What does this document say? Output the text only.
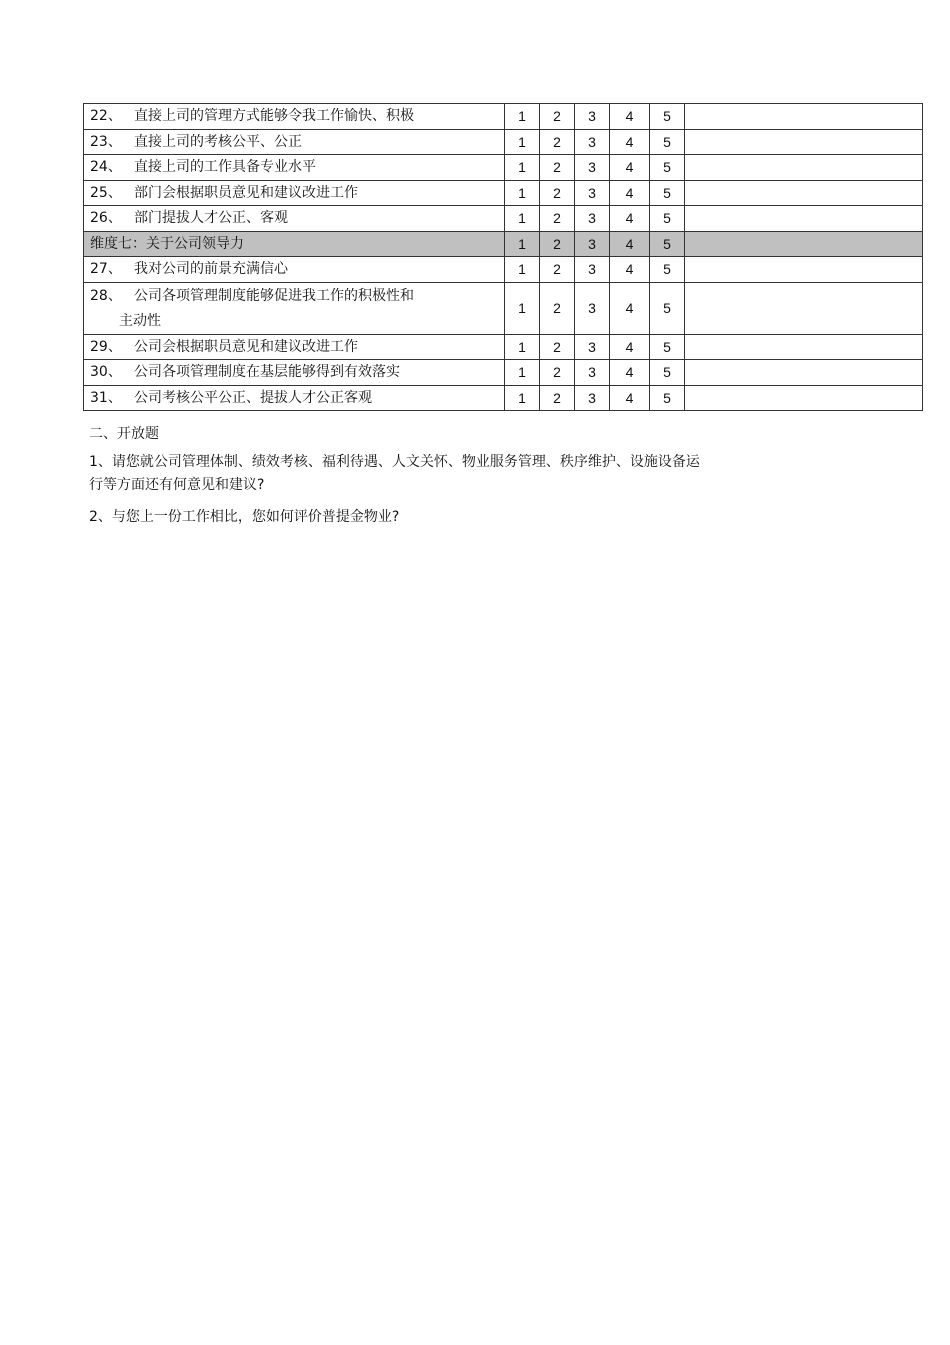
22、 直接上司的管理方式能够令我工作愉快、积极	1	2	3	4	5	
23、 直接上司的考核公平、公正	1	2	3	4	5	
24、 直接上司的工作具备专业水平	1	2	3	4	5	
25、 部门会根据职员意见和建议改进工作	1	2	3	4	5	
26、 部门提拔人才公正、客观	1	2	3	4	5	
维度七：关于公司领导力	1	2	3	4	5	
27、 我对公司的前景充满信心	1	2	3	4	5	
28、 公司各项管理制度能够促进我工作的积极性和
主动性	1	2	3	4	5	
29、 公司会根据职员意见和建议改进工作	1	2	3	4	5	
30、 公司各项管理制度在基层能够得到有效落实	1	2	3	4	5	
31、 公司考核公平公正、提拔人才公正客观	1	2	3	4	5	
二、开放题
1、请您就公司管理体制、绩效考核、福利待遇、人文关怀、物业服务管理、秩序维护、设施设备运
行等方面还有何意见和建议?
2、与您上一份工作相比，您如何评价普提金物业?
